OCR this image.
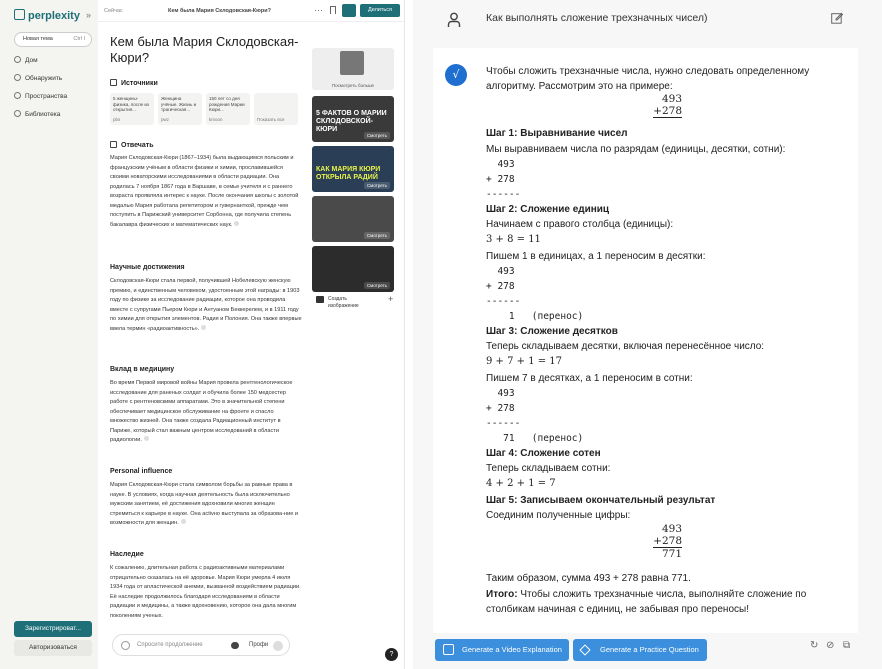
perplexity »
Новая тема	Ctrl I
Дом
Обнаружить
Пространства
Библиотека
Зарегистрироват...
Авторизоваться
Сейчас	Кем была Мария Склодовская-Кюри?	···	Делиться
Кем была Мария Склодовская-Кюри?
Источники
5 женщины-физика, после их открытия...
pbs
Женщина учёные. Жизнь и трагическая...
pwz
150 лет со дня рождения Марии Кюри...
kmoon	Показать все
Отвечать
Мария Склодовская-Кюри (1867–1934) была выдающимся польским и французским учёным в области физики и химии, прославившейся своими новаторскими исследованиями в области радиации. Она родилась 7 ноября 1867 года в Варшаве, в семье учителя и с раннего возраста проявляла интерес к науке. После окончания школы с золотой медалью Мария работала репетитором и гувернанткой, прежде чем поступить в Парижский университет Сорбонна, где получила степень бакалавра физических и математических наук.
Научные достижения
Склодовская-Кюри стала первой, получившей Нобелевскую женскую премию, и единственным человеком, удостоенным этой награды: в 1903 году по физике за исследование радиации, которое она проводила вместе с супругами Пьером Кюри и Антуаном Беккерелем, и в 1911 году по химии для открытия элементов. Радия и Полония. Она также впервые ввела термин «радиоактивность».
Вклад в медицину
Во время Первой мировой войны Мария провела рентгенологическое исследование для раненых солдат и обучила более 150 медсестер работе с рентгеновскими аппаратами. Это в значительной степени обеспечивает медицинское обслуживание на фронте и спасло множество жизней. Она также создала Радиационный институт в Париже, который стал важным центром исследований в области радиологии.
Personal influence
Мария Склодовская-Кюри стала символом борьбы за равные права в науке. В условиях, когда научная деятельность была исключительно мужским занятием, её достижения вдохновили многих женщин стремиться к карьере в науке. Она activно выступала за образова-ние и возможности для женщин.
Наследие
К сожалению, длительная работа с радиоактивными материалами отрицательно сказалась на её здоровье. Мария Кюри умерла 4 июля 1934 года от апластической анемии, вызванной воздействием радиации. Её наследие продолжилось благодаря исследованиям в области радиации и медицины, а также вдохновению, которое она дала многим поколениям ученых.
Посмотреть больше
5 ФАКТОВ О МАРИИ СКЛОДОВСКОЙ-КЮРИ
Смотреть
КАК МАРИЯ КЮРИ ОТКРЫЛА РАДИЙ
Смотреть
Смотреть
Смотреть
Создать изображение
+
Спросите продолжение	Профи
?
Как выполнять сложение трехзначных чисел)
√	Чтобы сложить трехзначные числа, нужно следовать определенному
алгоритму. Рассмотрим это на примере:
493
+278
Шаг 1: Выравнивание чисел
Мы выравниваем числа по разрядам (единицы, десятки, сотни):
493
+ 278
------
Шаг 2: Сложение единиц
Начинаем с правого столбца (единицы):
3 + 8 = 11
Пишем 1 в единицах, а 1 переносим в десятки:
493
+ 278
------
1   (перенос)
Шаг 3: Сложение десятков
Теперь складываем десятки, включая перенесённое число:
9 + 7 + 1 = 17
Пишем 7 в десятках, а 1 переносим в сотни:
493
+ 278
------
71   (перенос)
Шаг 4: Сложение сотен
Теперь складываем сотни:
4 + 2 + 1 = 7
Шаг 5: Записываем окончательный результат
Соединим полученные цифры:
493
+278
771
Таким образом, сумма 493 + 278 равна 771.
Итого: Чтобы сложить трехзначные числа, выполняйте сложение по
столбикам начиная с единиц, не забывая про переносы!
Generate a Video Explanation	Generate a Practice Question	↻ ⊘ ⧉
